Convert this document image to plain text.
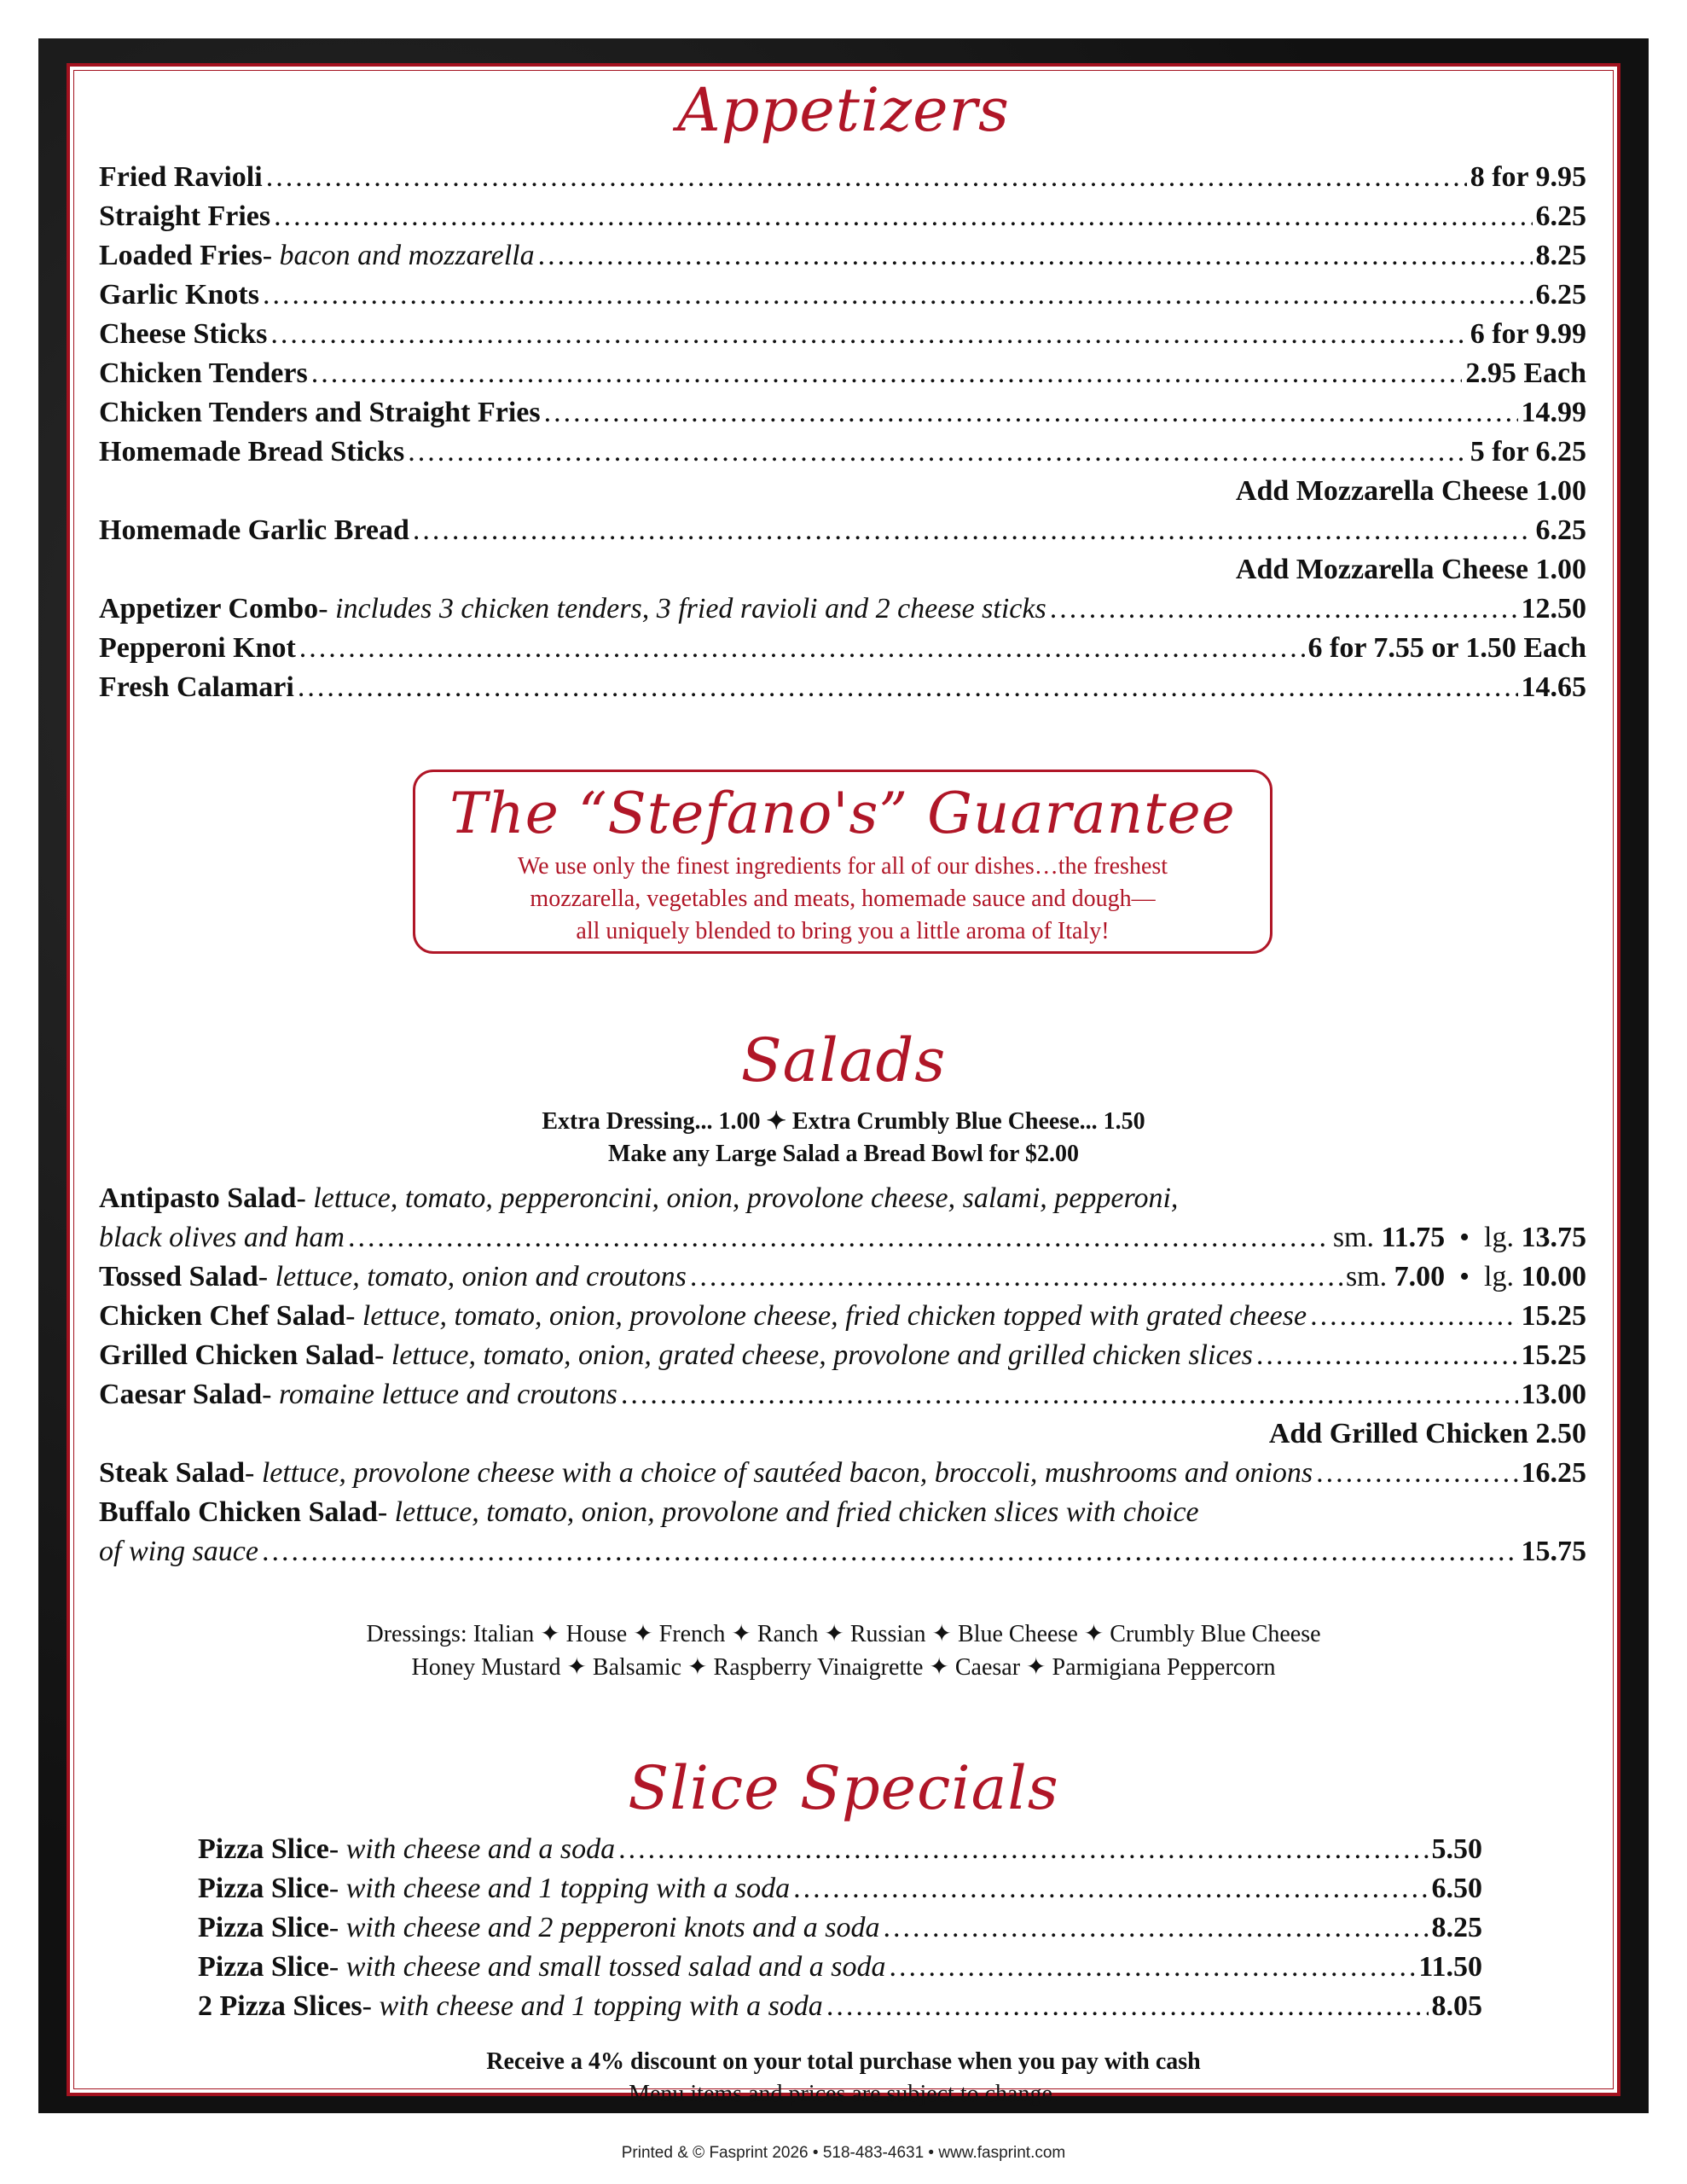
Appetizers
Fried Ravioli .....	8 for 9.95
Straight Fries .....	6.25
Loaded Fries - bacon and mozzarella .....	8.25
Garlic Knots .....	6.25
Cheese Sticks .....	6 for 9.99
Chicken Tenders .....	2.95 Each
Chicken Tenders and Straight Fries .....	14.99
Homemade Bread Sticks .....	5 for 6.25
Add Mozzarella Cheese 1.00
Homemade Garlic Bread .....	6.25
Add Mozzarella Cheese 1.00
Appetizer Combo - includes 3 chicken tenders, 3 fried ravioli and 2 cheese sticks .....	12.50
Pepperoni Knot .....	6 for 7.55 or 1.50 Each
Fresh Calamari .....	14.65
The “Stefano's” Guarantee
We use only the finest ingredients for all of our dishes…the freshest
mozzarella, vegetables and meats, homemade sauce and dough—
all uniquely blended to bring you a little aroma of Italy!
Salads
Extra Dressing... 1.00 ✦ Extra Crumbly Blue Cheese... 1.50
Make any Large Salad a Bread Bowl for $2.00
Antipasto Salad - lettuce, tomato, pepperoncini, onion, provolone cheese, salami, pepperoni,
black olives and ham .....	sm. 11.75  •  lg. 13.75
Tossed Salad - lettuce, tomato, onion and croutons .....	sm. 7.00  •  lg. 10.00
Chicken Chef Salad - lettuce, tomato, onion, provolone cheese, fried chicken topped with grated cheese .....	15.25
Grilled Chicken Salad - lettuce, tomato, onion, grated cheese, provolone and grilled chicken slices .....	15.25
Caesar Salad - romaine lettuce and croutons .....	13.00
Add Grilled Chicken 2.50
Steak Salad - lettuce, provolone cheese with a choice of sautéed bacon, broccoli, mushrooms and onions .....	16.25
Buffalo Chicken Salad - lettuce, tomato, onion, provolone and fried chicken slices with choice
of wing sauce .....	15.75
Dressings: Italian ✦ House ✦ French ✦ Ranch ✦ Russian ✦ Blue Cheese ✦ Crumbly Blue Cheese
Honey Mustard ✦ Balsamic ✦ Raspberry Vinaigrette ✦ Caesar ✦ Parmigiana Peppercorn
Slice Specials
Pizza Slice - with cheese and a soda .....	5.50
Pizza Slice - with cheese and 1 topping with a soda .....	6.50
Pizza Slice - with cheese and 2 pepperoni knots and a soda .....	8.25
Pizza Slice - with cheese and small tossed salad and a soda .....	11.50
2 Pizza Slices - with cheese and 1 topping with a soda .....	8.05
Receive a 4% discount on your total purchase when you pay with cash
Menu items and prices are subject to change.
Printed & © Fasprint 2026 • 518-483-4631 • www.fasprint.com
